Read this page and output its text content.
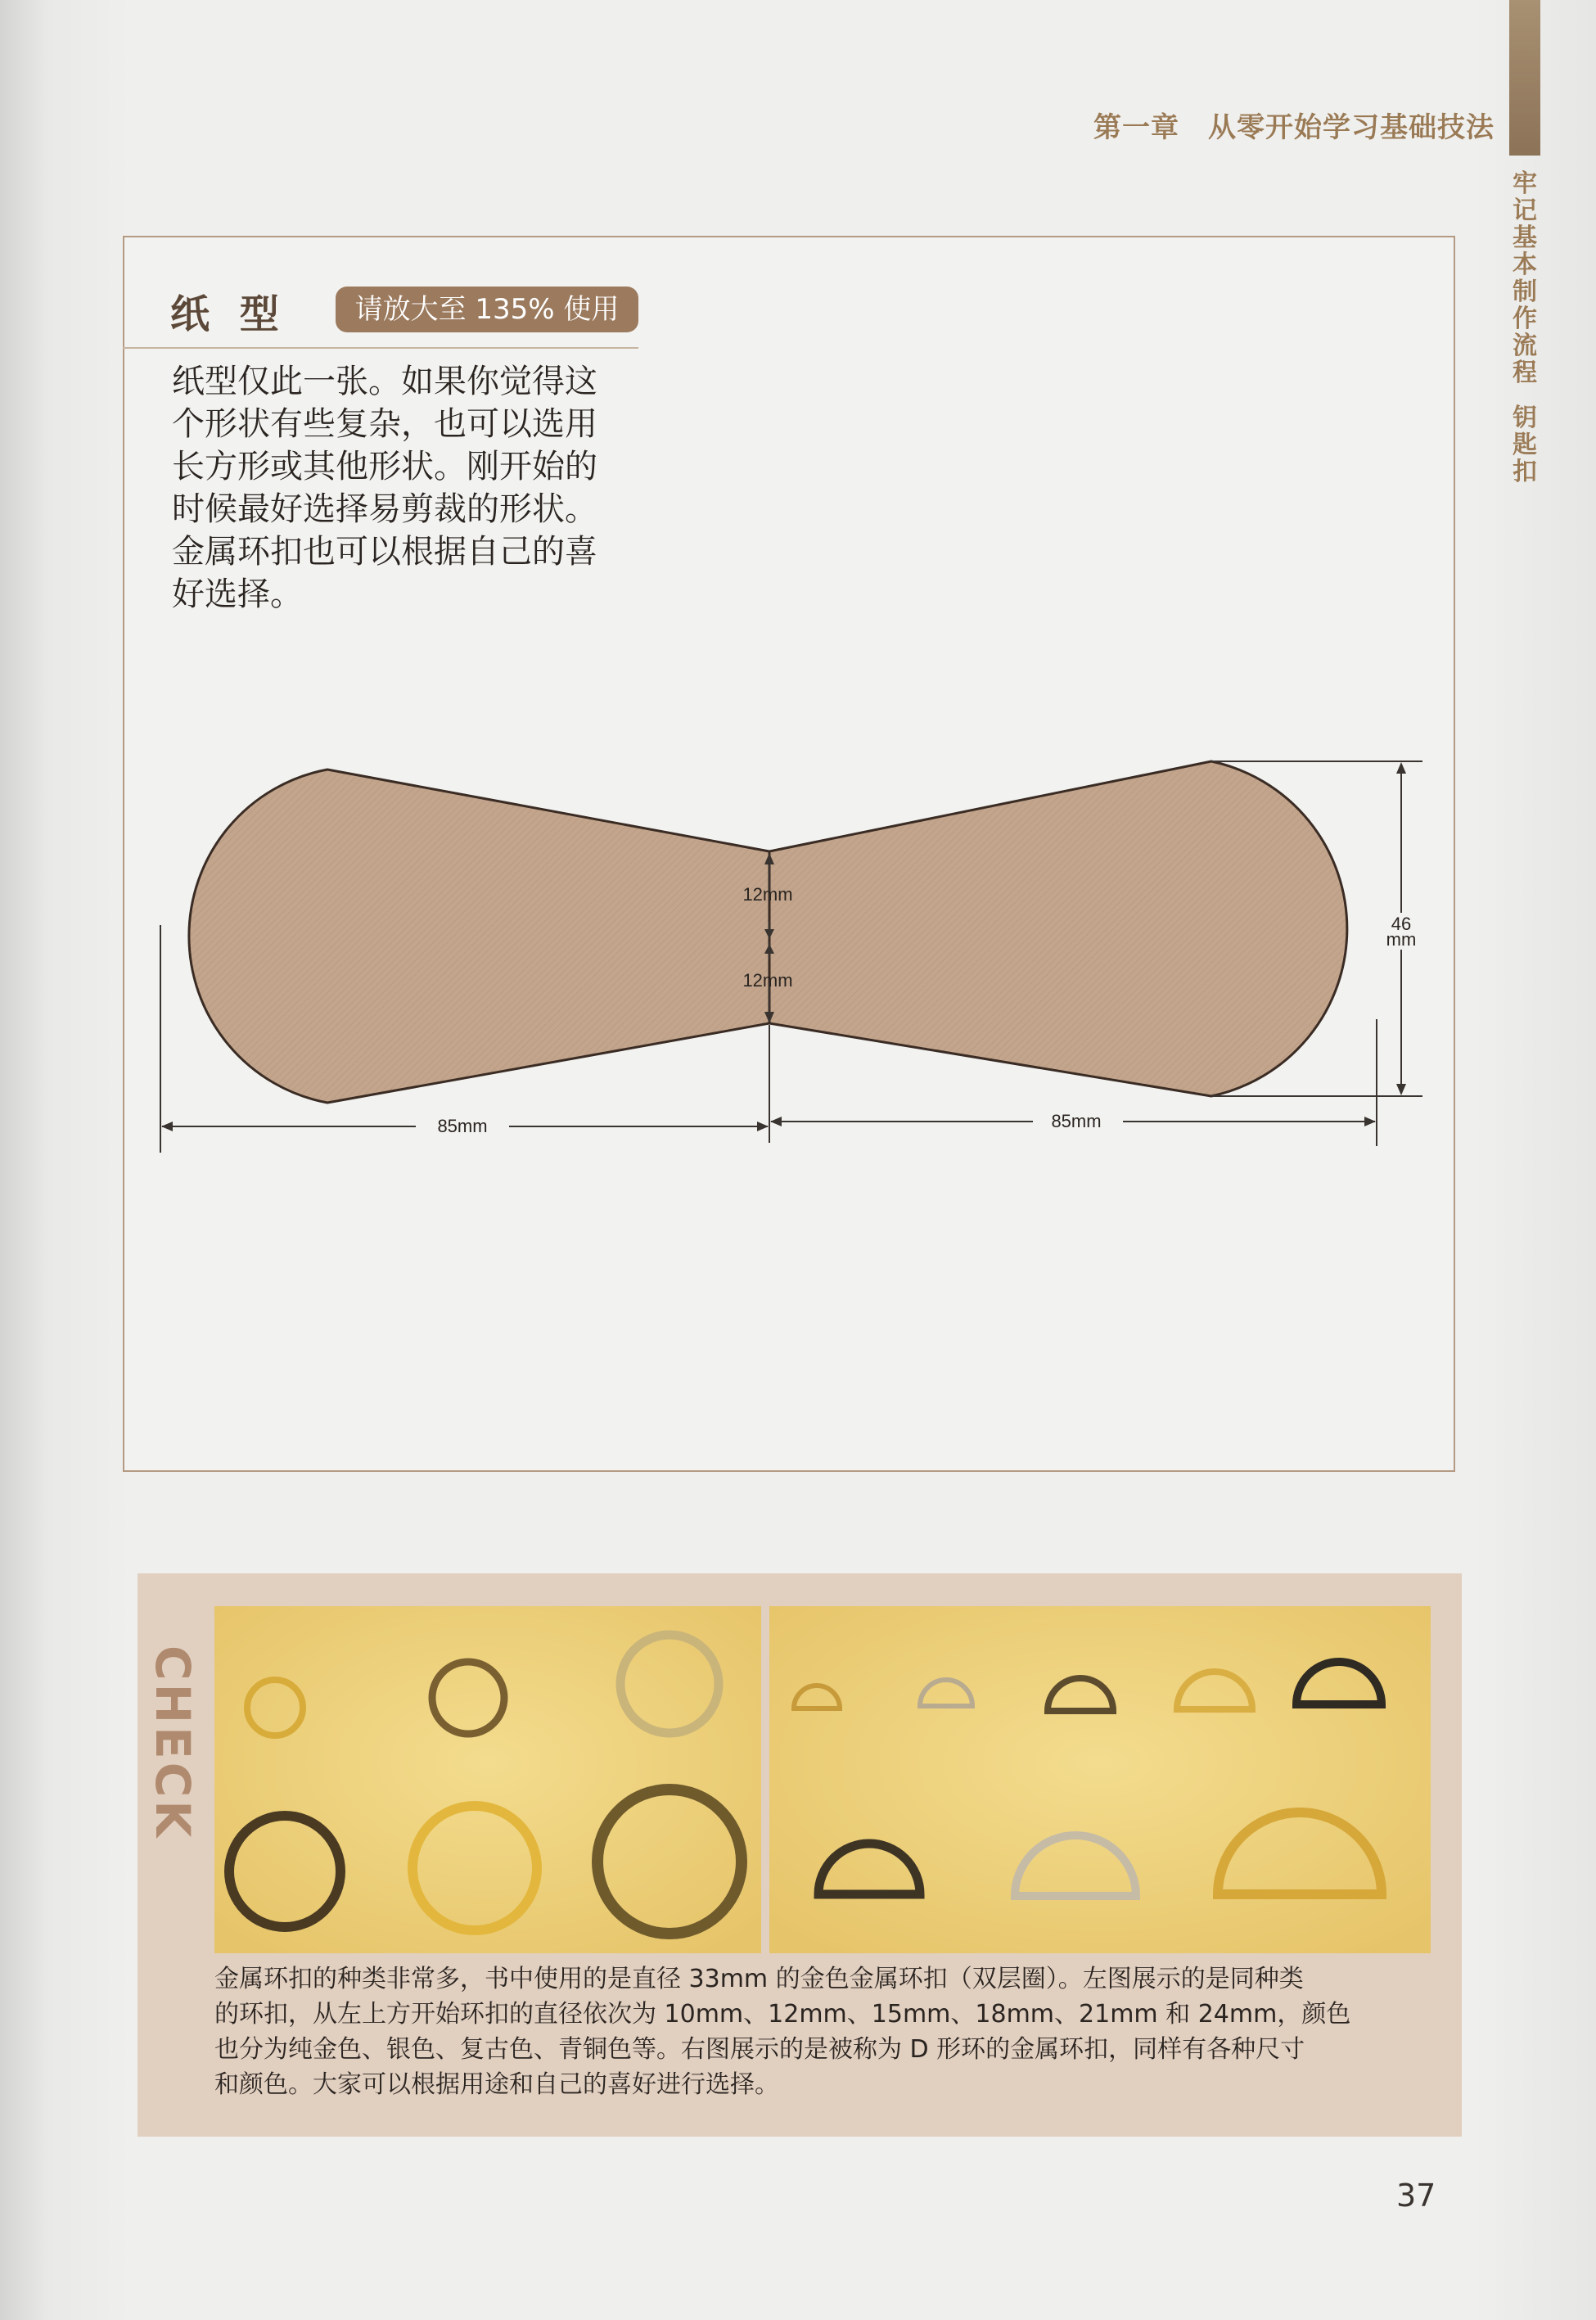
第一章　从零开始学习基础技法
牢
记
基
本
制
作
流
程
钥
匙
扣
纸 型	请放大至 135% 使用
纸型仅此一张。如果你觉得这
个形状有些复杂，也可以选用
长方形或其他形状。刚开始的
时候最好选择易剪裁的形状。
金属环扣也可以根据自己的喜
好选择。
12mm
12mm
46
mm
85mm	85mm
CHECK
金属环扣的种类非常多，书中使用的是直径 33mm 的金色金属环扣（双层圈）。左图展示的是同种类
的环扣，从左上方开始环扣的直径依次为 10mm、12mm、15mm、18mm、21mm 和 24mm，颜色
也分为纯金色、银色、复古色、青铜色等。右图展示的是被称为 D 形环的金属环扣，同样有各种尺寸
和颜色。大家可以根据用途和自己的喜好进行选择。
37
